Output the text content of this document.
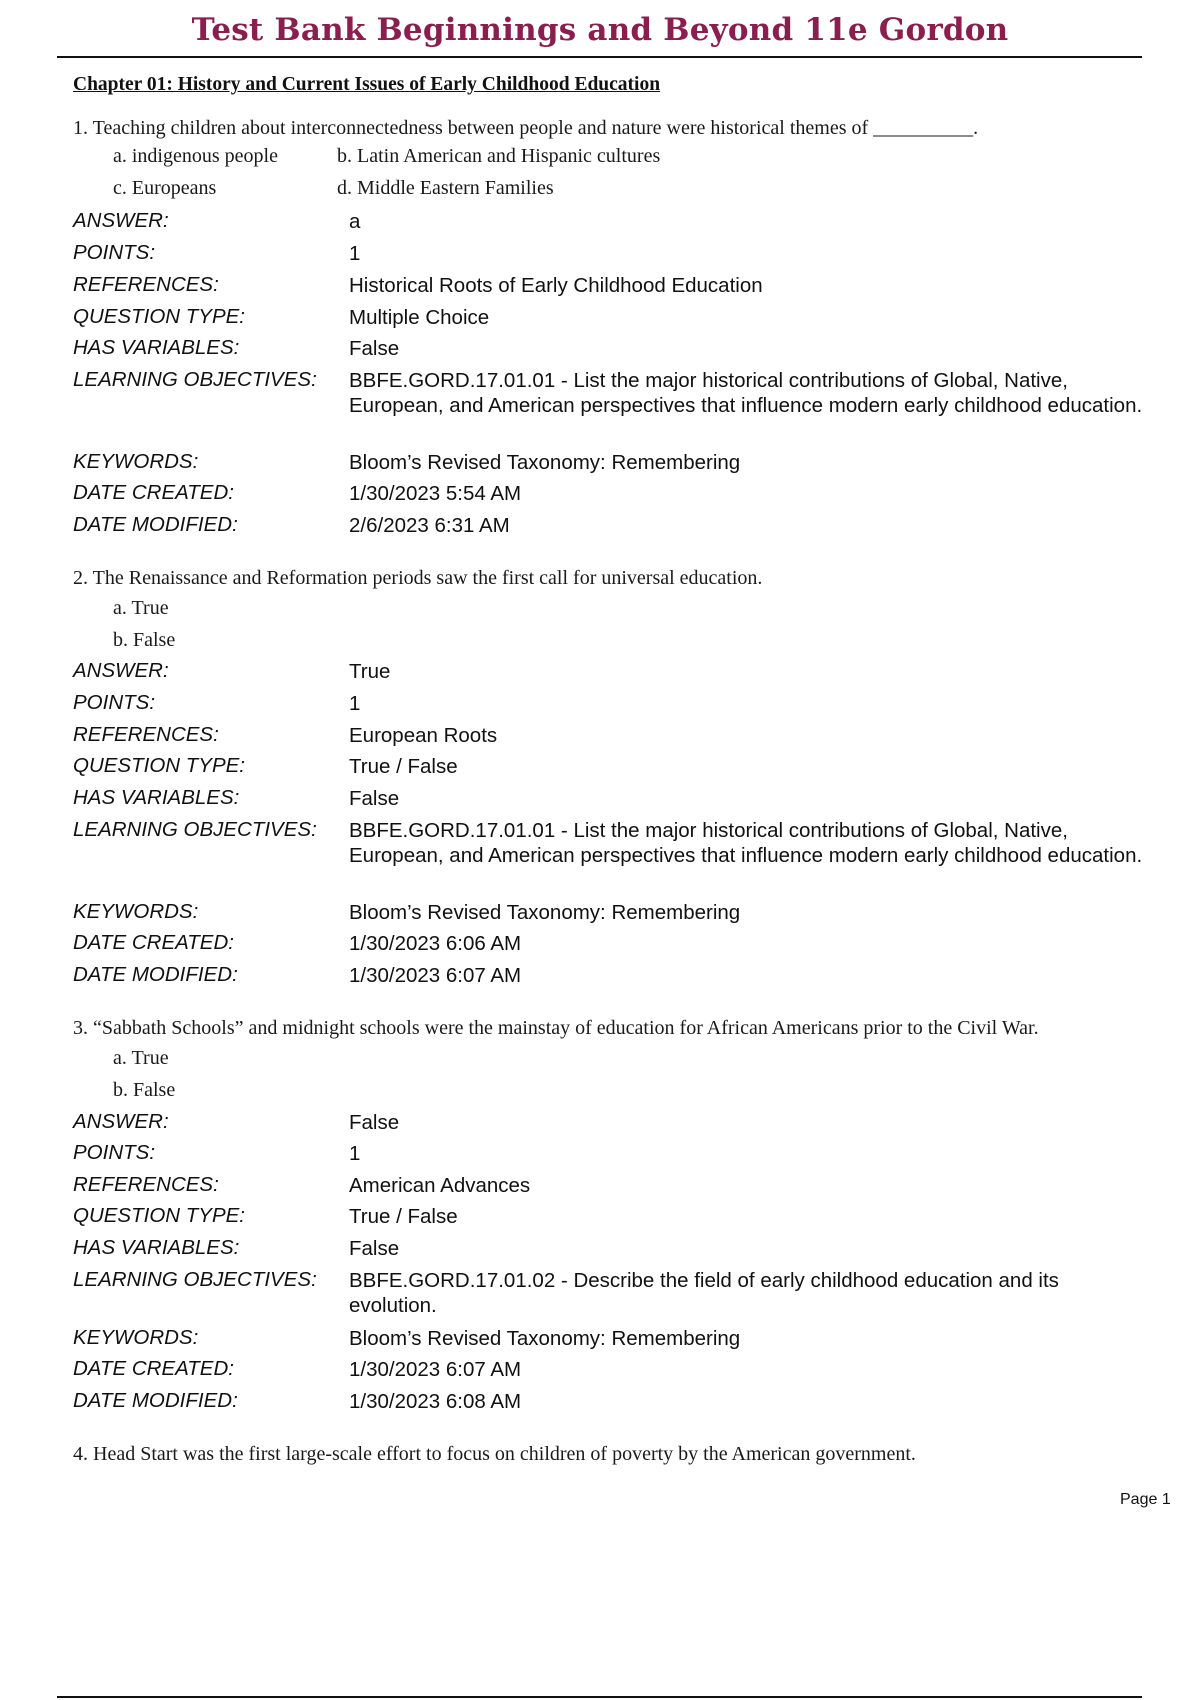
Test Bank Beginnings and Beyond 11e Gordon
Chapter 01: History and Current Issues of Early Childhood Education
1. Teaching children about interconnectedness between people and nature were historical themes of __________.
a. indigenous people	b. Latin American and Hispanic cultures
c. Europeans	d. Middle Eastern Families
ANSWER:	a
POINTS:	1
REFERENCES:	Historical Roots of Early Childhood Education
QUESTION TYPE:	Multiple Choice
HAS VARIABLES:	False
LEARNING OBJECTIVES: BBFE.GORD.17.01.01 - List the major historical contributions of Global, Native, European, and American perspectives that influence modern early childhood education.
KEYWORDS:	Bloom’s Revised Taxonomy: Remembering
DATE CREATED:	1/30/2023 5:54 AM
DATE MODIFIED:	2/6/2023 6:31 AM
2. The Renaissance and Reformation periods saw the first call for universal education.
a. True
b. False
ANSWER:	True
POINTS:	1
REFERENCES:	European Roots
QUESTION TYPE:	True / False
HAS VARIABLES:	False
LEARNING OBJECTIVES: BBFE.GORD.17.01.01 - List the major historical contributions of Global, Native, European, and American perspectives that influence modern early childhood education.
KEYWORDS:	Bloom’s Revised Taxonomy: Remembering
DATE CREATED:	1/30/2023 6:06 AM
DATE MODIFIED:	1/30/2023 6:07 AM
3. “Sabbath Schools” and midnight schools were the mainstay of education for African Americans prior to the Civil War.
a. True
b. False
ANSWER:	False
POINTS:	1
REFERENCES:	American Advances
QUESTION TYPE:	True / False
HAS VARIABLES:	False
LEARNING OBJECTIVES: BBFE.GORD.17.01.02 - Describe the field of early childhood education and its evolution.
KEYWORDS:	Bloom’s Revised Taxonomy: Remembering
DATE CREATED:	1/30/2023 6:07 AM
DATE MODIFIED:	1/30/2023 6:08 AM
4. Head Start was the first large-scale effort to focus on children of poverty by the American government.
Page 1
